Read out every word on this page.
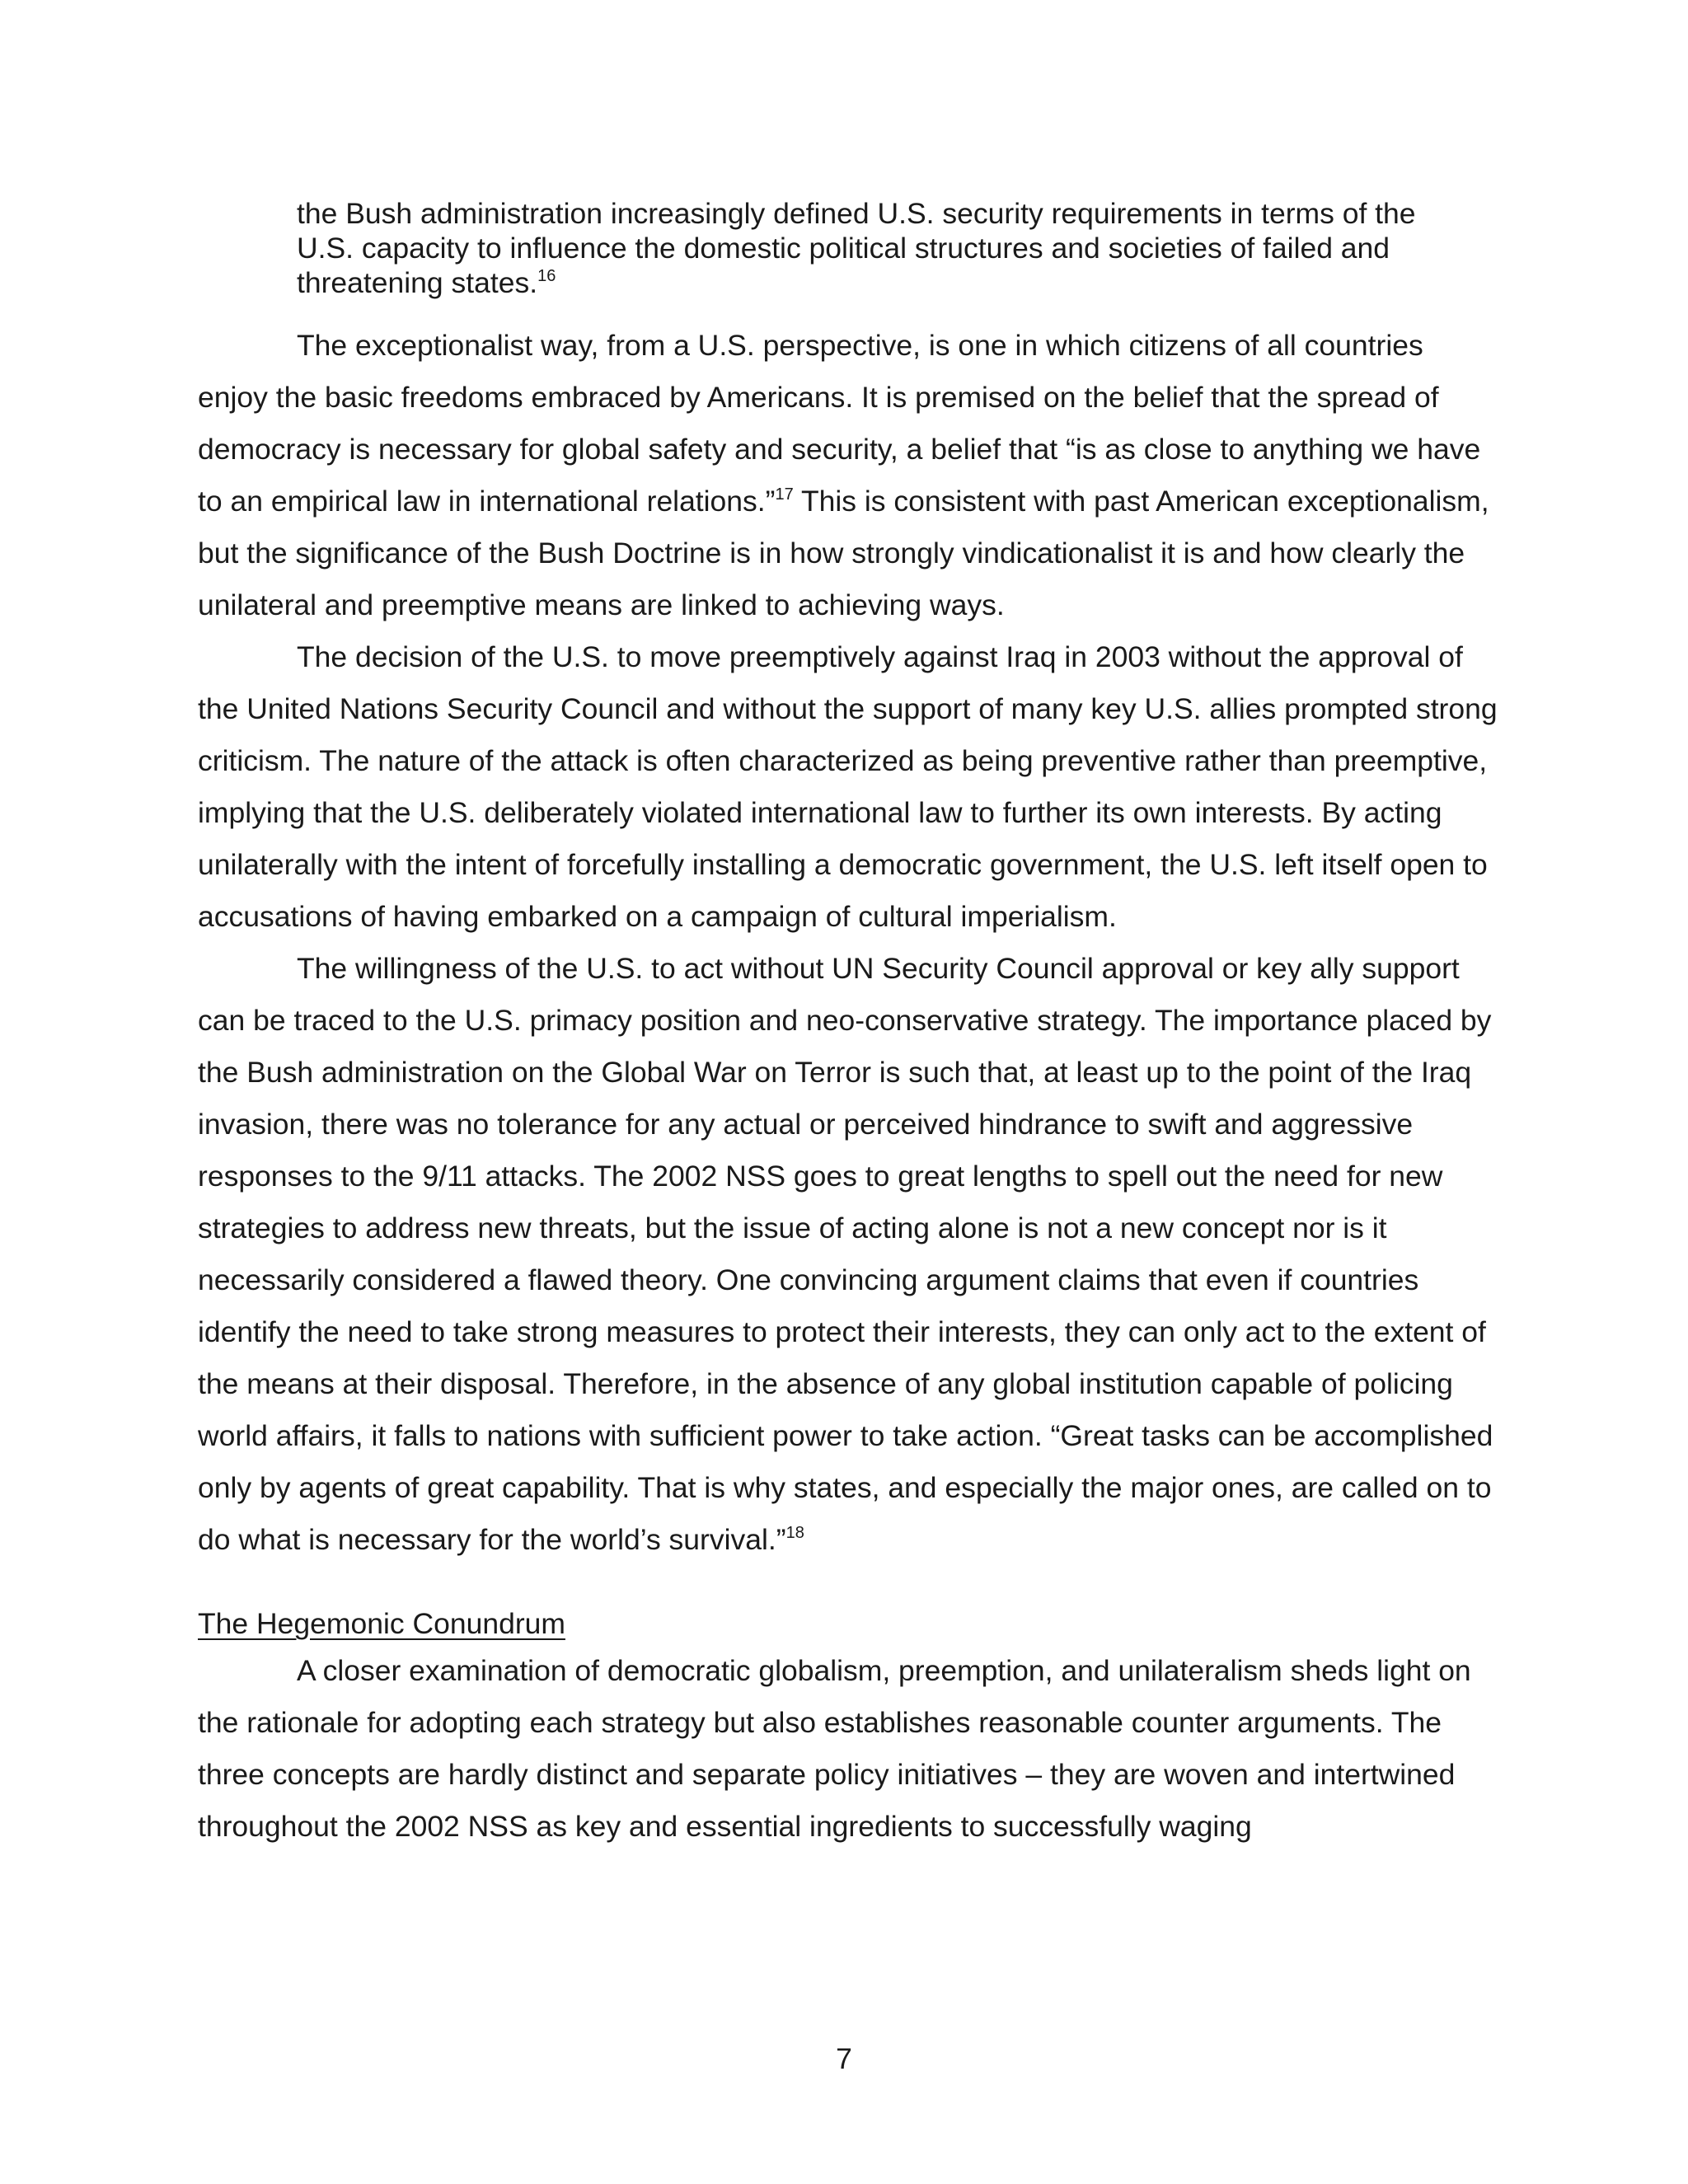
the Bush administration increasingly defined U.S. security requirements in terms of the U.S. capacity to influence the domestic political structures and societies of failed and threatening states.$^{16}$

The exceptionalist way, from a U.S. perspective, is one in which citizens of all countries enjoy the basic freedoms embraced by Americans. It is premised on the belief that the spread of democracy is necessary for global safety and security, a belief that “is as close to anything we have to an empirical law in international relations.”$^{17}$ This is consistent with past American exceptionalism, but the significance of the Bush Doctrine is in how strongly vindicationalist it is and how clearly the unilateral and preemptive means are linked to achieving ways.

The decision of the U.S. to move preemptively against Iraq in 2003 without the approval of the United Nations Security Council and without the support of many key U.S. allies prompted strong criticism. The nature of the attack is often characterized as being preventive rather than preemptive, implying that the U.S. deliberately violated international law to further its own interests. By acting unilaterally with the intent of forcefully installing a democratic government, the U.S. left itself open to accusations of having embarked on a campaign of cultural imperialism.

The willingness of the U.S. to act without UN Security Council approval or key ally support can be traced to the U.S. primacy position and neo-conservative strategy. The importance placed by the Bush administration on the Global War on Terror is such that, at least up to the point of the Iraq invasion, there was no tolerance for any actual or perceived hindrance to swift and aggressive responses to the 9/11 attacks. The 2002 NSS goes to great lengths to spell out the need for new strategies to address new threats, but the issue of acting alone is not a new concept nor is it necessarily considered a flawed theory. One convincing argument claims that even if countries identify the need to take strong measures to protect their interests, they can only act to the extent of the means at their disposal. Therefore, in the absence of any global institution capable of policing world affairs, it falls to nations with sufficient power to take action. “Great tasks can be accomplished only by agents of great capability. That is why states, and especially the major ones, are called on to do what is necessary for the world’s survival.”$^{18}$

The Hegemonic Conundrum

A closer examination of democratic globalism, preemption, and unilateralism sheds light on the rationale for adopting each strategy but also establishes reasonable counter arguments. The three concepts are hardly distinct and separate policy initiatives – they are woven and intertwined throughout the 2002 NSS as key and essential ingredients to successfully waging

7
